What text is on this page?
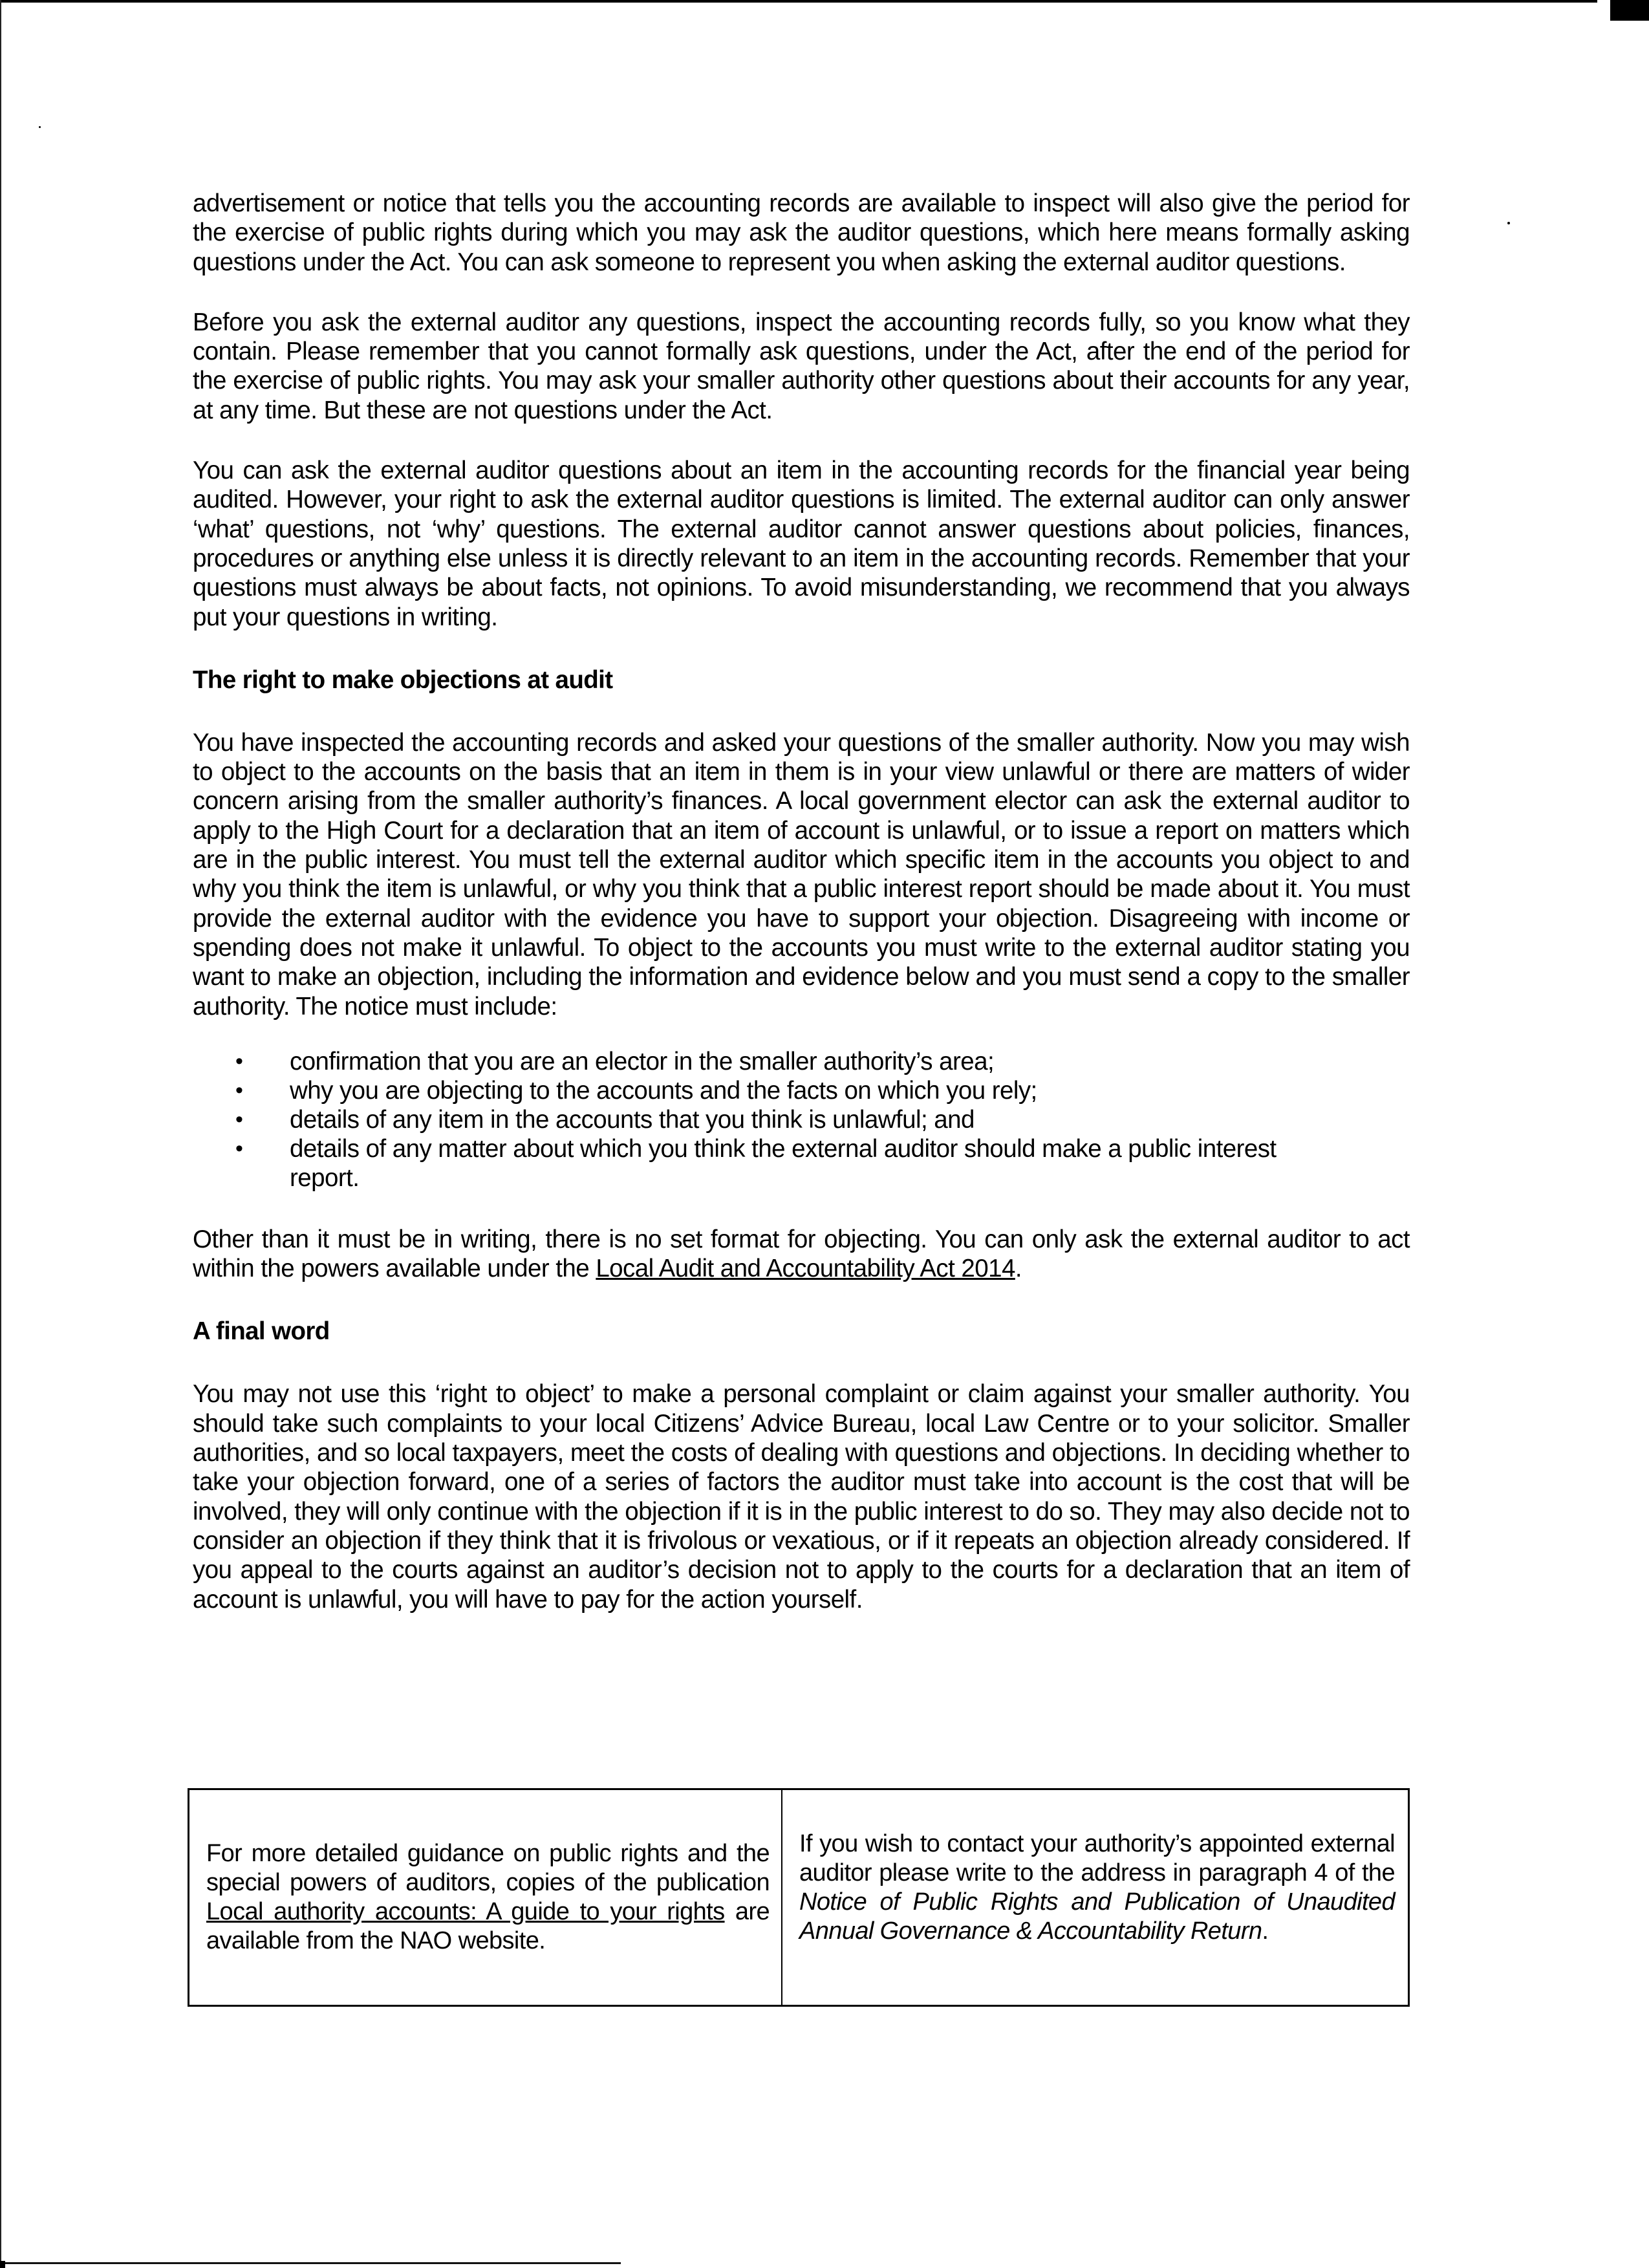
advertisement or notice that tells you the accounting records are available to inspect will also give the period for the exercise of public rights during which you may ask the auditor questions, which here means formally asking questions under the Act. You can ask someone to represent you when asking the external auditor questions.

Before you ask the external auditor any questions, inspect the accounting records fully, so you know what they contain. Please remember that you cannot formally ask questions, under the Act, after the end of the period for the exercise of public rights. You may ask your smaller authority other questions about their accounts for any year, at any time. But these are not questions under the Act.

You can ask the external auditor questions about an item in the accounting records for the financial year being audited. However, your right to ask the external auditor questions is limited. The external auditor can only answer ‘what’ questions, not ‘why’ questions. The external auditor cannot answer questions about policies, finances, procedures or anything else unless it is directly relevant to an item in the accounting records. Remember that your questions must always be about facts, not opinions. To avoid misunderstanding, we recommend that you always put your questions in writing.

The right to make objections at audit

You have inspected the accounting records and asked your questions of the smaller authority. Now you may wish to object to the accounts on the basis that an item in them is in your view unlawful or there are matters of wider concern arising from the smaller authority’s finances. A local government elector can ask the external auditor to apply to the High Court for a declaration that an item of account is unlawful, or to issue a report on matters which are in the public interest. You must tell the external auditor which specific item in the accounts you object to and why you think the item is unlawful, or why you think that a public interest report should be made about it. You must provide the external auditor with the evidence you have to support your objection. Disagreeing with income or spending does not make it unlawful. To object to the accounts you must write to the external auditor stating you want to make an objection, including the information and evidence below and you must send a copy to the smaller authority. The notice must include:

• confirmation that you are an elector in the smaller authority’s area;
• why you are objecting to the accounts and the facts on which you rely;
• details of any item in the accounts that you think is unlawful; and
• details of any matter about which you think the external auditor should make a public interest report.

Other than it must be in writing, there is no set format for objecting. You can only ask the external auditor to act within the powers available under the Local Audit and Accountability Act 2014.

A final word

You may not use this ‘right to object’ to make a personal complaint or claim against your smaller authority. You should take such complaints to your local Citizens’ Advice Bureau, local Law Centre or to your solicitor. Smaller authorities, and so local taxpayers, meet the costs of dealing with questions and objections. In deciding whether to take your objection forward, one of a series of factors the auditor must take into account is the cost that will be involved, they will only continue with the objection if it is in the public interest to do so. They may also decide not to consider an objection if they think that it is frivolous or vexatious, or if it repeats an objection already considered. If you appeal to the courts against an auditor’s decision not to apply to the courts for a declaration that an item of account is unlawful, you will have to pay for the action yourself.

For more detailed guidance on public rights and the special powers of auditors, copies of the publication Local authority accounts: A guide to your rights are available from the NAO website.

If you wish to contact your authority’s appointed external auditor please write to the address in paragraph 4 of the Notice of Public Rights and Publication of Unaudited Annual Governance & Accountability Return.
